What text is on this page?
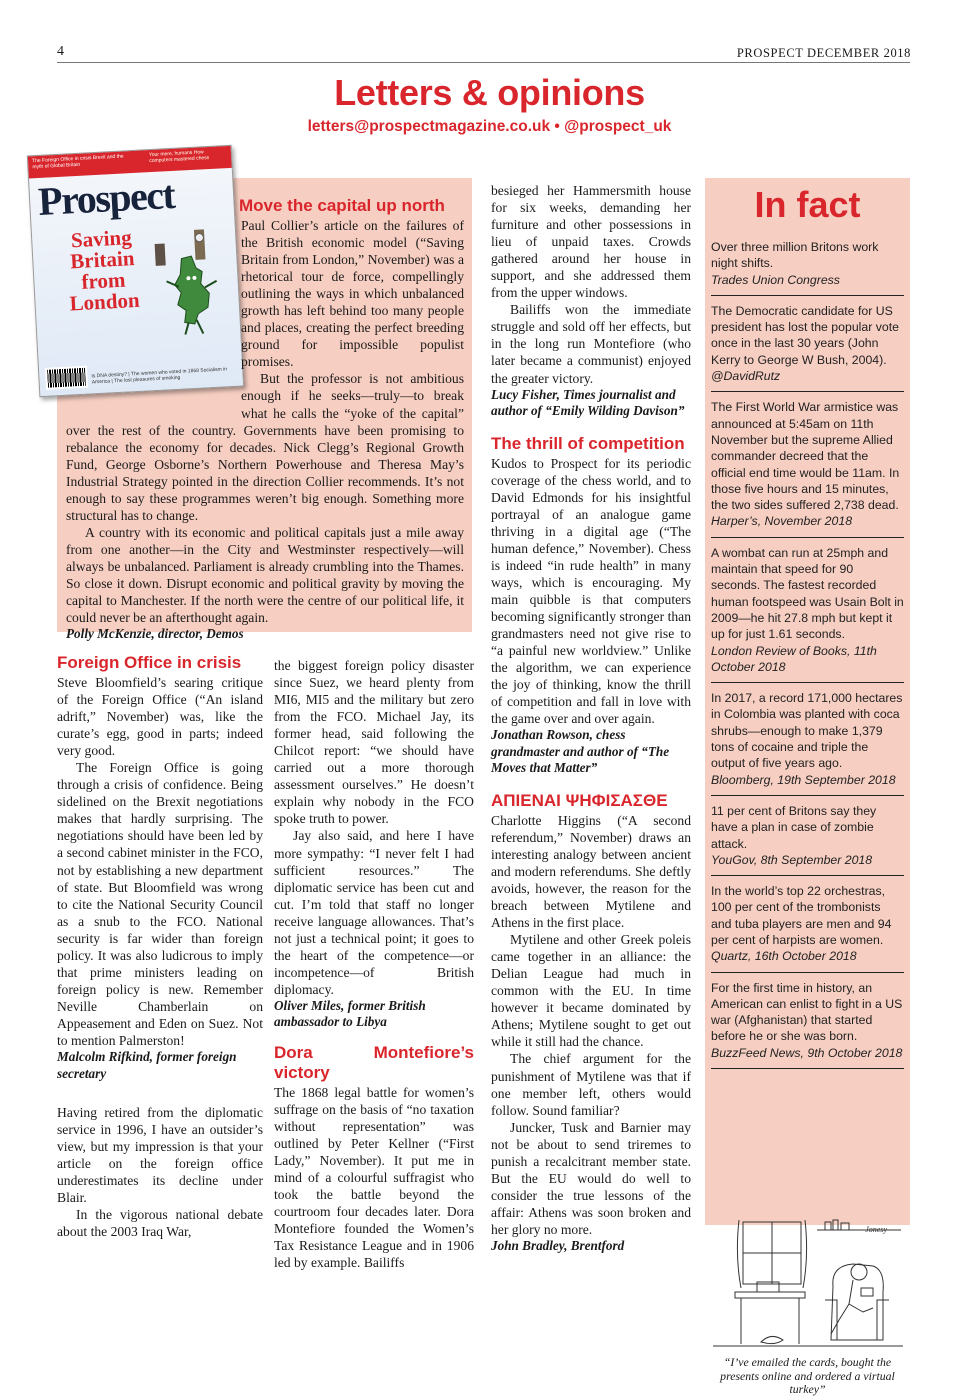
4	PROSPECT DECEMBER 2018
Letters & opinions
letters@prospectmagazine.co.uk • @prospect_uk
The Foreign Office in crisis Brexit and the myth of Global Britain
Your mere, humans How computers mastered chess
Prospect
Saving
Britain
from
London
Is DNA destiny? | The women who voted in 1868 Socialism in America | The lost pleasures of smoking
Move the capital up north

Paul Collier’s article on the failures of the British economic model (“Saving Britain from London,” November) was a rhetorical tour de force, compellingly outlining the ways in which unbalanced growth has left behind too many people and places, creating the perfect breeding ground for impossible populist promises.

But the professor is not ambitious enough if he seeks—truly—to break what he calls the “yoke of the capital” over the rest of the country. Governments have been promising to rebalance the economy for decades. Nick Clegg’s Regional Growth Fund, George Osborne’s Northern Powerhouse and Theresa May’s Industrial Strategy pointed in the direction Collier recommends. It’s not enough to say these programmes weren’t big enough. Something more structural has to change.

A country with its economic and political capitals just a mile away from one another—in the City and Westminster respectively—will always be unbalanced. Parliament is already crumbling into the Thames. So close it down. Disrupt economic and political gravity by moving the capital to Manchester. If the north were the centre of our political life, it could never be an afterthought again.

Polly McKenzie, director, Demos
Foreign Office in crisis

Steve Bloomfield’s searing critique of the Foreign Office (“An island adrift,” November) was, like the curate’s egg, good in parts; indeed very good.

The Foreign Office is going through a crisis of confidence. Being sidelined on the Brexit negotiations makes that hardly surprising. The negotiations should have been led by a second cabinet minister in the FCO, not by establishing a new department of state. But Bloomfield was wrong to cite the National Security Council as a snub to the FCO. National security is far wider than foreign policy. It was also ludicrous to imply that prime ministers leading on foreign policy is new. Remember Neville Chamberlain on Appeasement and Eden on Suez. Not to mention Palmerston!

Malcolm Rifkind, former foreign secretary

Having retired from the diplomatic service in 1996, I have an outsider’s view, but my impression is that your article on the foreign office underestimates its decline under Blair.

In the vigorous national debate about the 2003 Iraq War,

the biggest foreign policy disaster since Suez, we heard plenty from MI6, MI5 and the military but zero from the FCO. Michael Jay, its former head, said following the Chilcot report: “we should have carried out a more thorough assessment ourselves.” He doesn’t explain why nobody in the FCO spoke truth to power.

Jay also said, and here I have more sympathy: “I never felt I had sufficient resources.” The diplomatic service has been cut and cut. I’m told that staff no longer receive language allowances. That’s not just a technical point; it goes to the heart of the competence—or incompetence—of British diplomacy.

Oliver Miles, former British ambassador to Libya
Dora Montefiore’s victory

The 1868 legal battle for women’s suffrage on the basis of “no taxation without representation” was outlined by Peter Kellner (“First Lady,” November). It put me in mind of a colourful suffragist who took the battle beyond the courtroom four decades later. Dora Montefiore founded the Women’s Tax Resistance League and in 1906 led by example. Bailiffs

besieged her Hammersmith house for six weeks, demanding her furniture and other possessions in lieu of unpaid taxes. Crowds gathered around her house in support, and she addressed them from the upper windows.

Bailiffs won the immediate struggle and sold off her effects, but in the long run Montefiore (who later became a communist) enjoyed the greater victory.

Lucy Fisher, Times journalist and author of “Emily Wilding Davison”
The thrill of competition

Kudos to Prospect for its periodic coverage of the chess world, and to David Edmonds for his insightful portrayal of an analogue game thriving in a digital age (“The human defence,” November). Chess is indeed “in rude health” in many ways, which is encouraging. My main quibble is that computers becoming significantly stronger than grandmasters need not give rise to “a painful new worldview.” Unlike the algorithm, we can experience the joy of thinking, know the thrill of competition and fall in love with the game over and over again.

Jonathan Rowson, chess grandmaster and author of “The Moves that Matter”
ΑΠΙΕΝΑΙ ΨΗΦΙΣΑΣΘΕ

Charlotte Higgins (“A second referendum,” November) draws an interesting analogy between ancient and modern referendums. She deftly avoids, however, the reason for the breach between Mytilene and Athens in the first place.

Mytilene and other Greek poleis came together in an alliance: the Delian League had much in common with the EU. In time however it became dominated by Athens; Mytilene sought to get out while it still had the chance.

The chief argument for the punishment of Mytilene was that if one member left, others would follow. Sound familiar?

Juncker, Tusk and Barnier may not be about to send triremes to punish a recalcitrant member state. But the EU would do well to consider the true lessons of the affair: Athens was soon broken and her glory no more.

John Bradley, Brentford
In fact
Over three million Britons work night shifts.
Trades Union Congress
The Democratic candidate for US president has lost the popular vote once in the last 30 years (John Kerry to George W Bush, 2004).
@DavidRutz
The First World War armistice was announced at 5:45am on 11th November but the supreme Allied commander decreed that the official end time would be 11am. In those five hours and 15 minutes, the two sides suffered 2,738 dead.
Harper’s, November 2018
A wombat can run at 25mph and maintain that speed for 90 seconds. The fastest recorded human footspeed was Usain Bolt in 2009—he hit 27.8 mph but kept it up for just 1.61 seconds.
London Review of Books, 11th October 2018
In 2017, a record 171,000 hectares in Colombia was planted with coca shrubs—enough to make 1,379 tons of cocaine and triple the output of five years ago.
Bloomberg, 19th September 2018
11 per cent of Britons say they have a plan in case of zombie attack.
YouGov, 8th September 2018
In the world’s top 22 orchestras, 100 per cent of the trombonists and tuba players are men and 94 per cent of harpists are women.
Quartz, 16th October 2018
For the first time in history, an American can enlist to fight in a US war (Afghanistan) that started before he or she was born.
BuzzFeed News, 9th October 2018
Jonesy
“I’ve emailed the cards, bought the presents online and ordered a virtual turkey”
